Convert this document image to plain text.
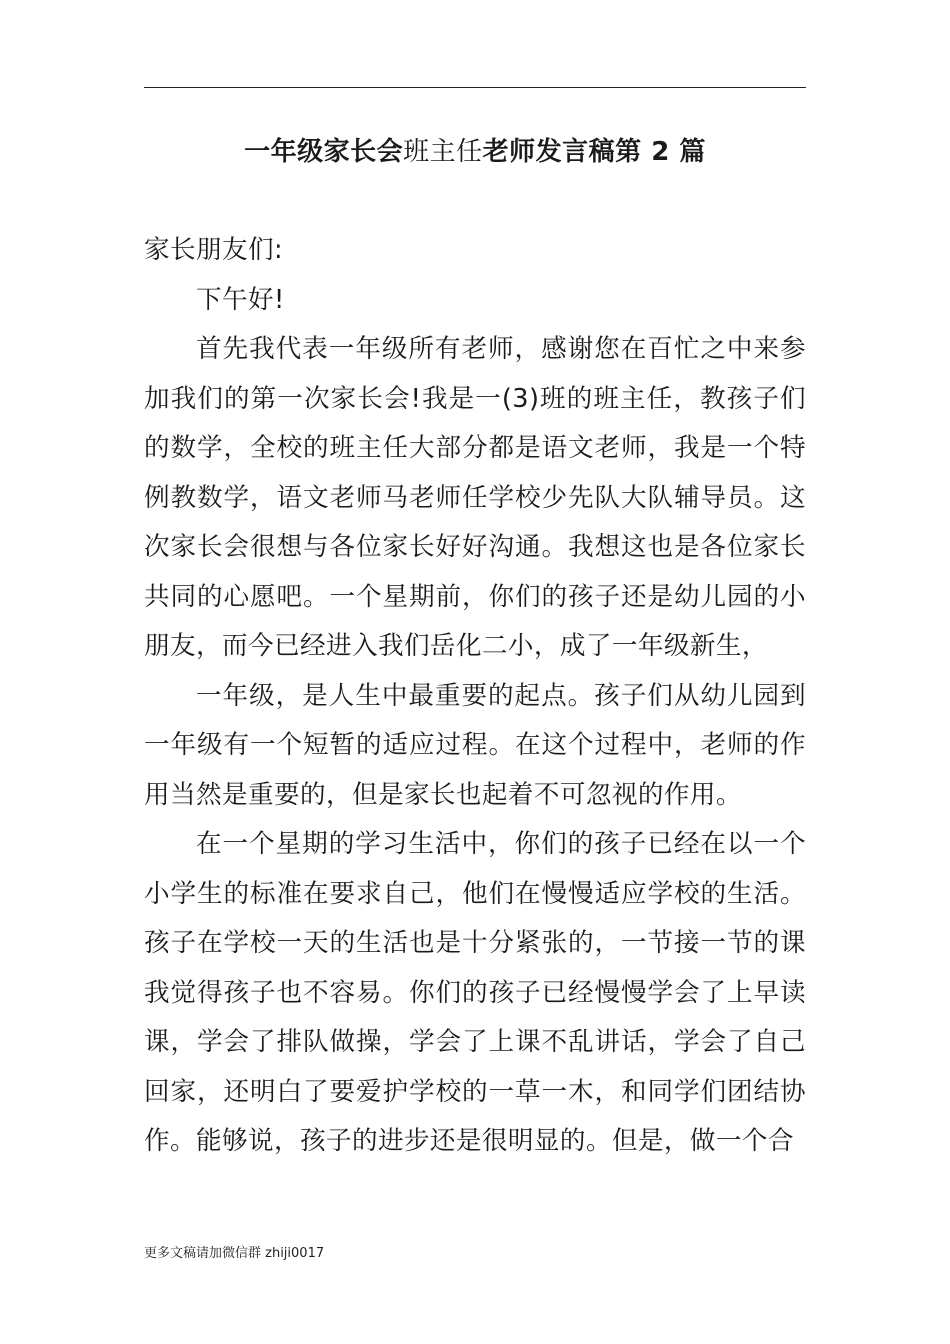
一年级家长会班主任老师发言稿第 2 篇

家长朋友们:

下午好!

首先我代表一年级所有老师，感谢您在百忙之中来参加我们的第一次家长会!我是一(3)班的班主任，教孩子们的数学，全校的班主任大部分都是语文老师，我是一个特例教数学，语文老师马老师任学校少先队大队辅导员。这次家长会很想与各位家长好好沟通。我想这也是各位家长共同的心愿吧。一个星期前，你们的孩子还是幼儿园的小朋友，而今已经进入我们岳化二小，成了一年级新生，

一年级，是人生中最重要的起点。孩子们从幼儿园到一年级有一个短暂的适应过程。在这个过程中，老师的作用当然是重要的，但是家长也起着不可忽视的作用。

在一个星期的学习生活中，你们的孩子已经在以一个小学生的标准在要求自己，他们在慢慢适应学校的生活。孩子在学校一天的生活也是十分紧张的，一节接一节的课我觉得孩子也不容易。你们的孩子已经慢慢学会了上早读课，学会了排队做操，学会了上课不乱讲话，学会了自己回家，还明白了要爱护学校的一草一木，和同学们团结协作。能够说，孩子的进步还是很明显的。但是，做一个合

更多文稿请加微信群 zhiji0017
